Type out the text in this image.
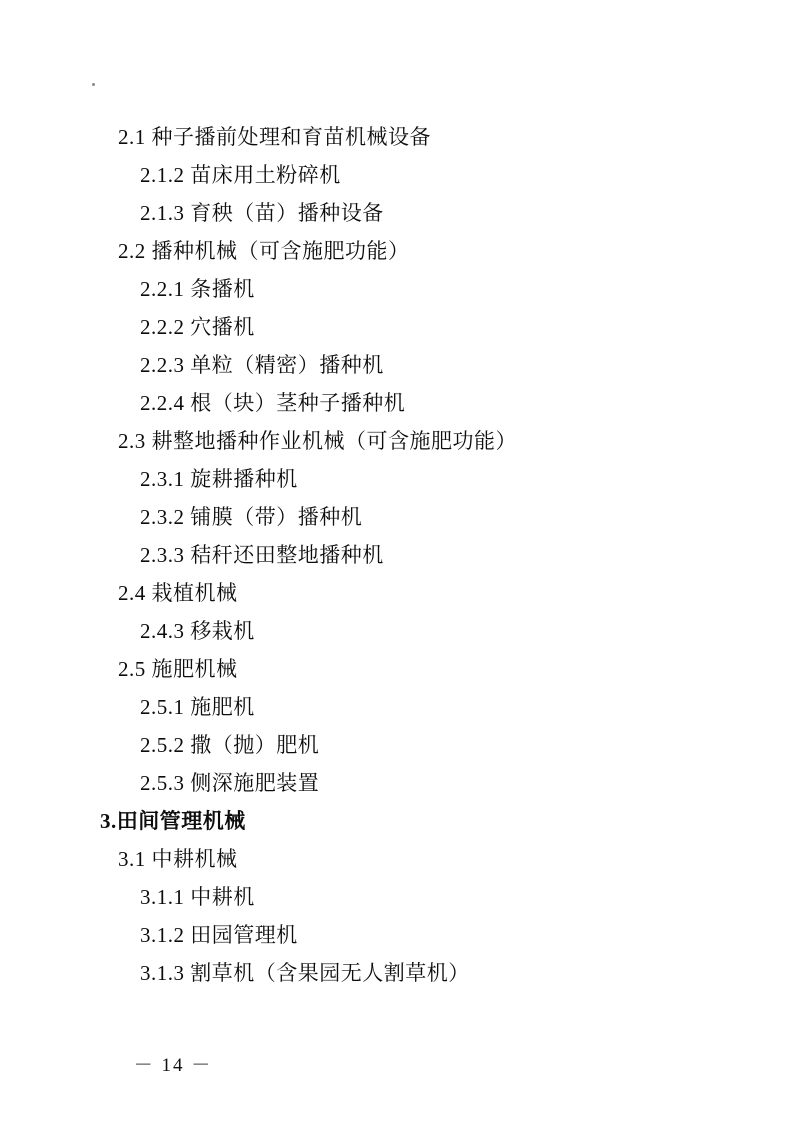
2.1 种子播前处理和育苗机械设备
2.1.2 苗床用土粉碎机
2.1.3 育秧（苗）播种设备
2.2 播种机械（可含施肥功能）
2.2.1 条播机
2.2.2 穴播机
2.2.3 单粒（精密）播种机
2.2.4 根（块）茎种子播种机
2.3 耕整地播种作业机械（可含施肥功能）
2.3.1 旋耕播种机
2.3.2 铺膜（带）播种机
2.3.3 秸秆还田整地播种机
2.4 栽植机械
2.4.3 移栽机
2.5 施肥机械
2.5.1 施肥机
2.5.2 撒（抛）肥机
2.5.3 侧深施肥装置
3.田间管理机械
3.1 中耕机械
3.1.1 中耕机
3.1.2 田园管理机
3.1.3 割草机（含果园无人割草机）

－ 14 －
